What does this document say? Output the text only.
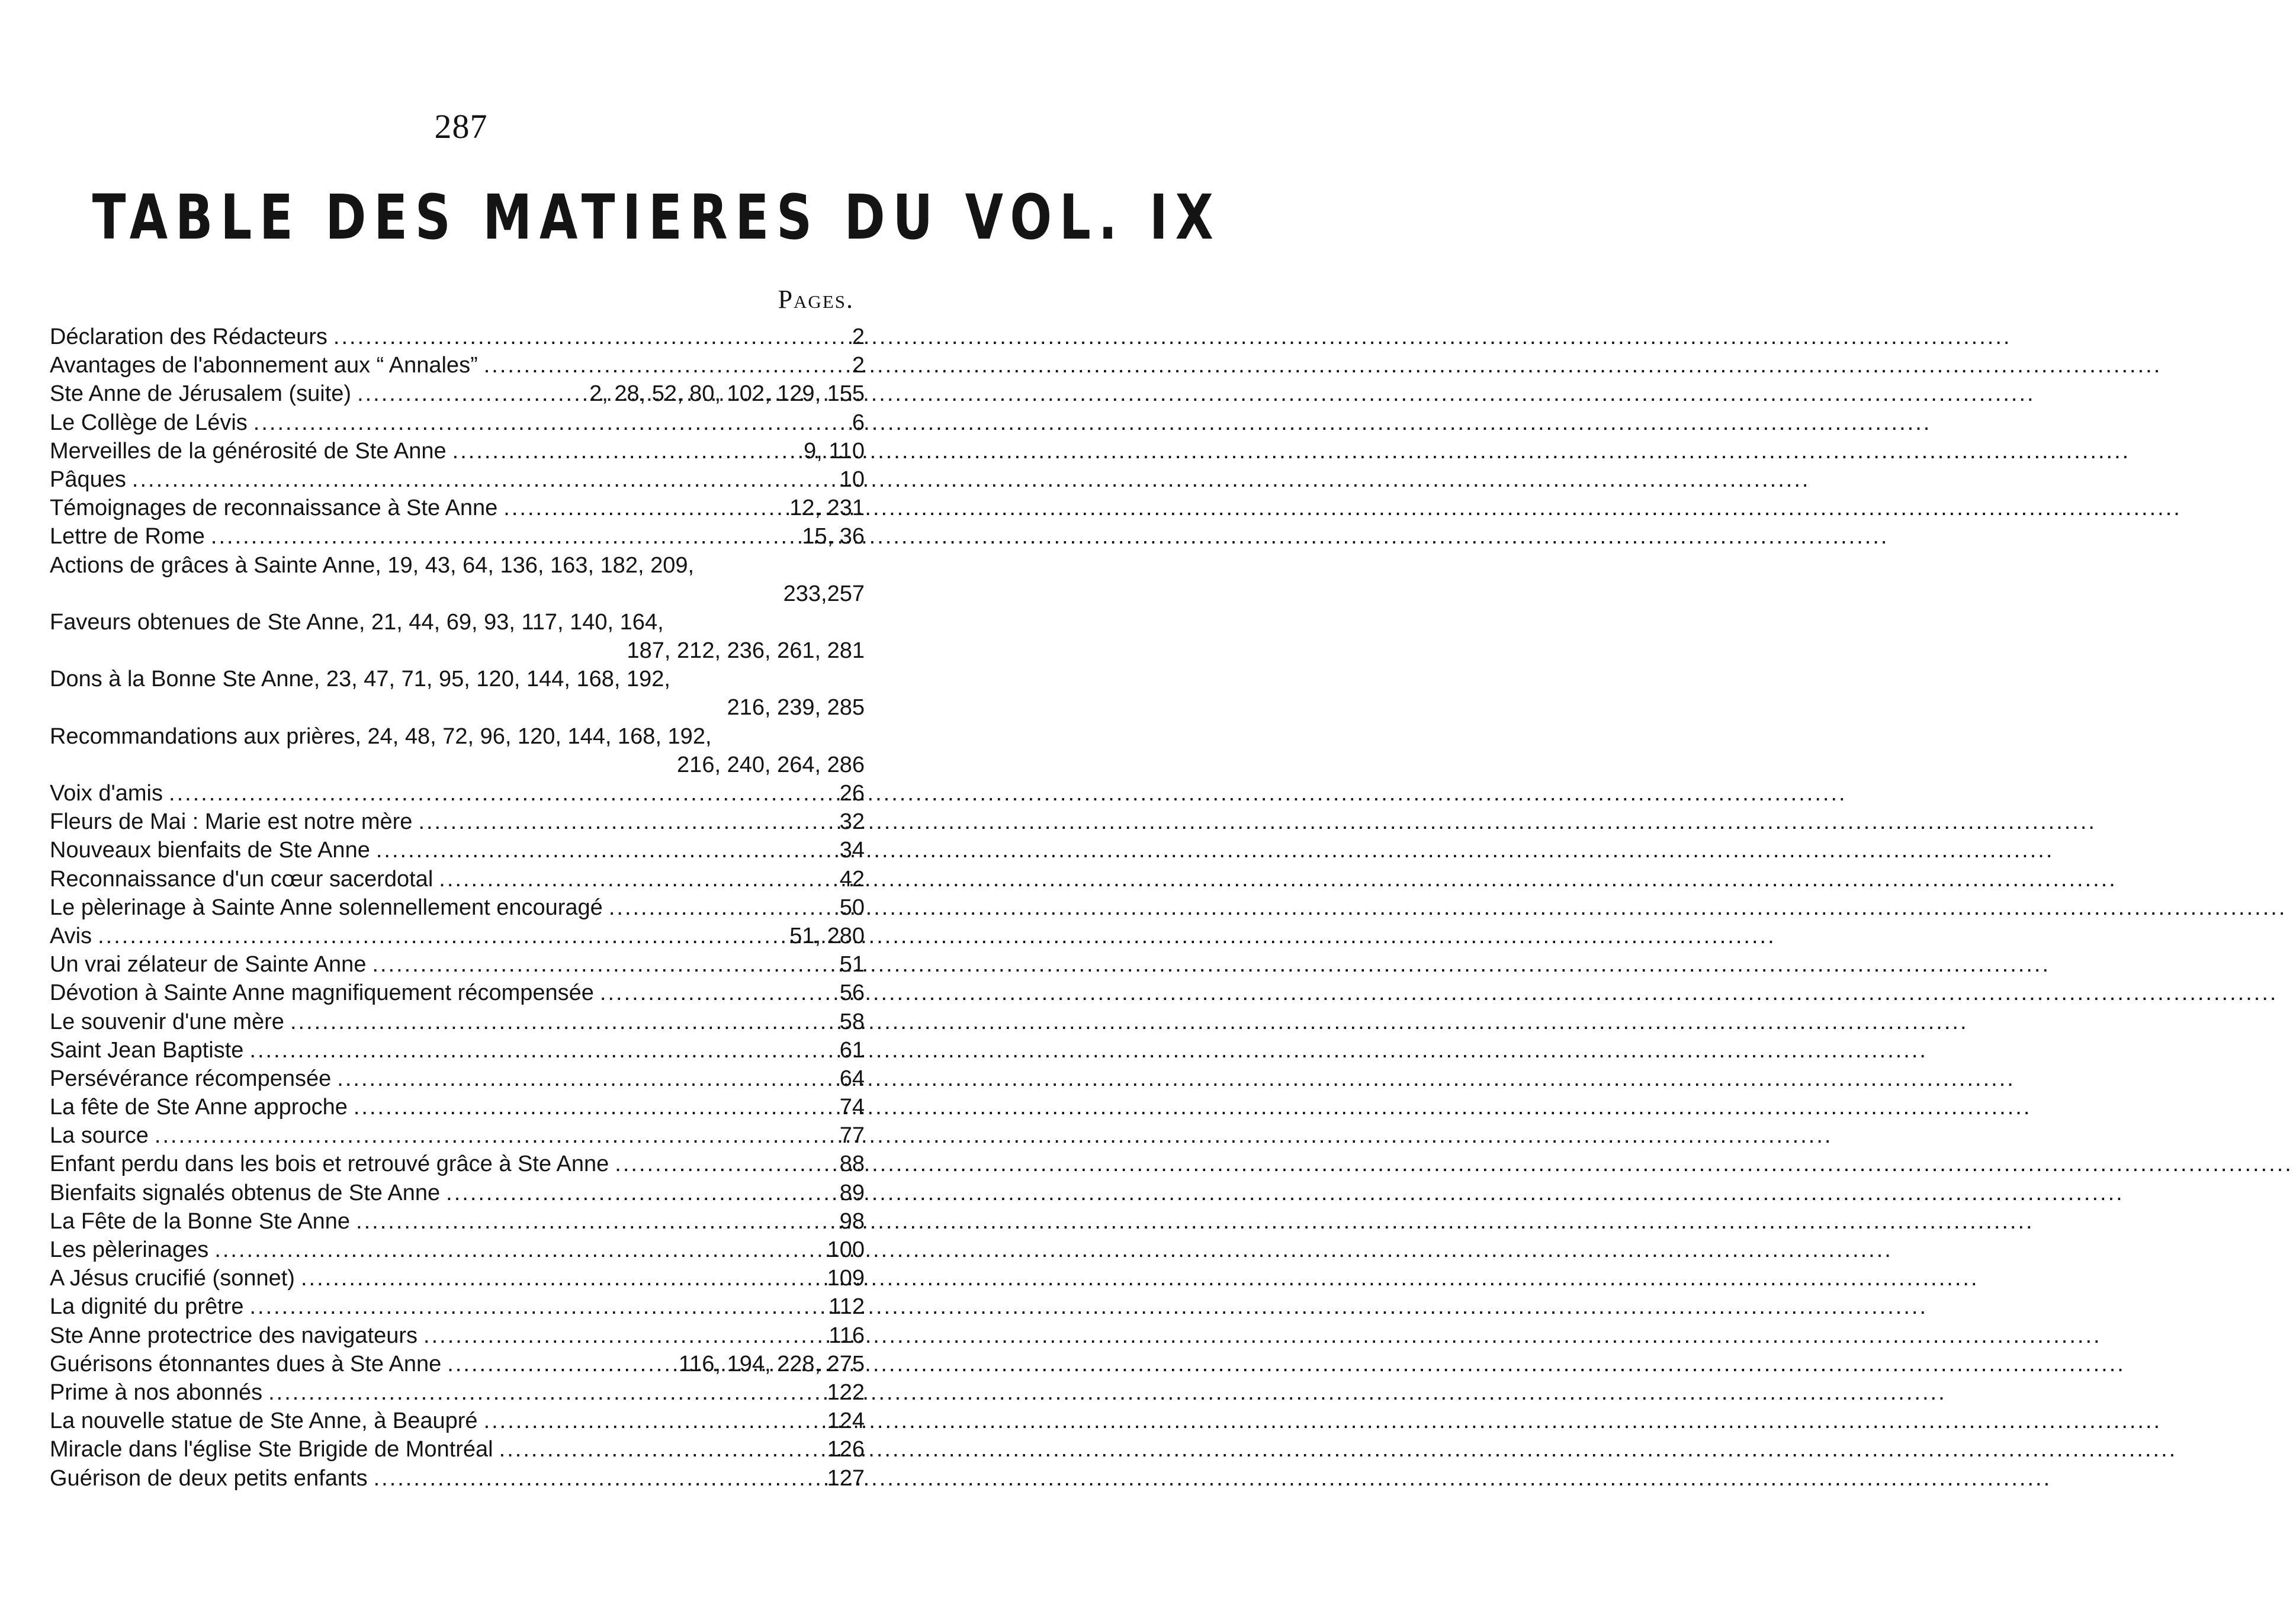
287
TABLE DES MATIERES DU VOL. IX
Pages.
Déclaration des Rédacteurs .....	2
Avantages de l'abonnement aux “ Annales” .....	2
Ste Anne de Jérusalem (suite) .....	2, 28, 52, 80, 102, 129, 155
Le Collège de Lévis .....	6
Merveilles de la générosité de Ste Anne .....	9, 110
Pâques .....	10
Témoignages de reconnaissance à Ste Anne .....	12, 231
Lettre de Rome .....	15, 36
Actions de grâces à Sainte Anne, 19, 43, 64, 136, 163, 182, 209,
233,257
Faveurs obtenues de Ste Anne, 21, 44, 69, 93, 117, 140, 164,
187, 212, 236, 261, 281
Dons à la Bonne Ste Anne, 23, 47, 71, 95, 120, 144, 168, 192,
216, 239, 285
Recommandations aux prières, 24, 48, 72, 96, 120, 144, 168, 192,
216, 240, 264, 286
Voix d'amis .....	26
Fleurs de Mai : Marie est notre mère .....	32
Nouveaux bienfaits de Ste Anne .....	34
Reconnaissance d'un cœur sacerdotal .....	42
Le pèlerinage à Sainte Anne solennellement encouragé .....	50
Avis .....	51, 280
Un vrai zélateur de Sainte Anne .....	51
Dévotion à Sainte Anne magnifiquement récompensée .....	56
Le souvenir d'une mère .....	58
Saint Jean Baptiste .....	61
Persévérance récompensée .....	64
La fête de Ste Anne approche .....	74
La source .....	77
Enfant perdu dans les bois et retrouvé grâce à Ste Anne .....	88
Bienfaits signalés obtenus de Ste Anne .....	89
La Fête de la Bonne Ste Anne .....	98
Les pèlerinages .....	100
A Jésus crucifié (sonnet) .....	109
La dignité du prêtre .....	112
Ste Anne protectrice des navigateurs .....	116
Guérisons étonnantes dues à Ste Anne .....	116, 194, 228, 275
Prime à nos abonnés .....	122
La nouvelle statue de Ste Anne, à Beaupré .....	124
Miracle dans l'église Ste Brigide de Montréal .....	126
Guérison de deux petits enfants .....	127
